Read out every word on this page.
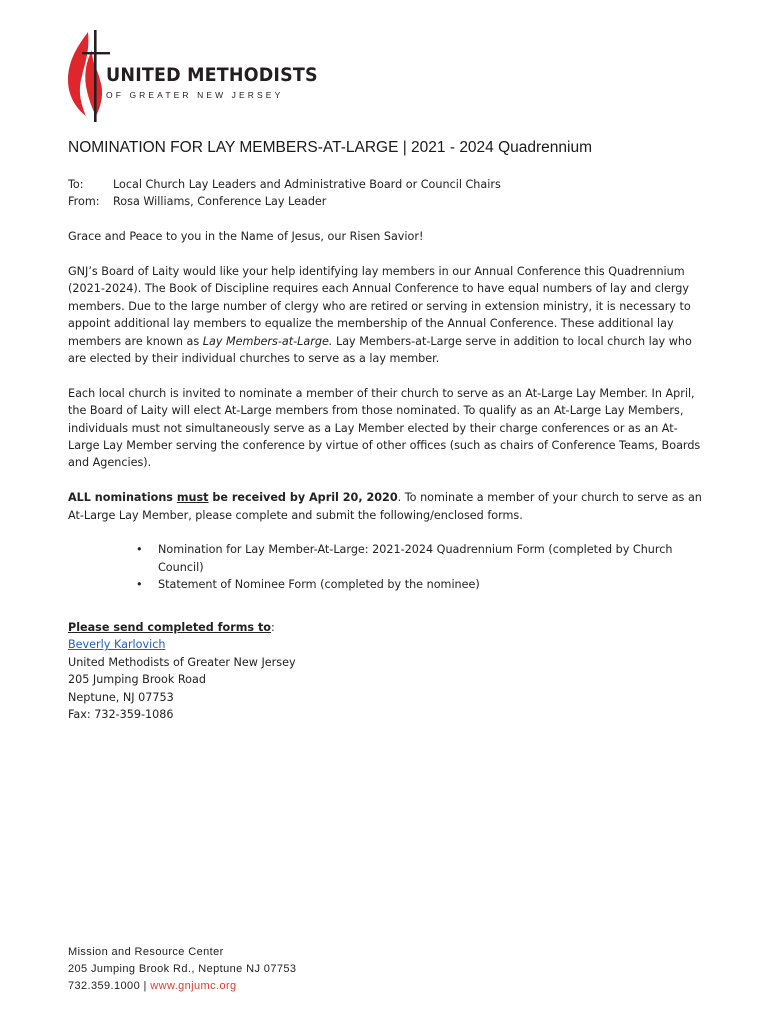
UNITED METHODISTS
OF GREATER NEW JERSEY
NOMINATION FOR LAY MEMBERS-AT-LARGE | 2021 - 2024 Quadrennium
To:	Local Church Lay Leaders and Administrative Board or Council Chairs
From:	Rosa Williams, Conference Lay Leader

Grace and Peace to you in the Name of Jesus, our Risen Savior!

GNJ’s Board of Laity would like your help identifying lay members in our Annual Conference this Quadrennium (2021-2024). The Book of Discipline requires each Annual Conference to have equal numbers of lay and clergy members. Due to the large number of clergy who are retired or serving in extension ministry, it is necessary to appoint additional lay members to equalize the membership of the Annual Conference. These additional lay members are known as Lay Members-at-Large. Lay Members-at-Large serve in addition to local church lay who are elected by their individual churches to serve as a lay member.

Each local church is invited to nominate a member of their church to serve as an At-Large Lay Member. In April, the Board of Laity will elect At-Large members from those nominated. To qualify as an At-Large Lay Members, individuals must not simultaneously serve as a Lay Member elected by their charge conferences or as an At-Large Lay Member serving the conference by virtue of other offices (such as chairs of Conference Teams, Boards and Agencies).

ALL nominations must be received by April 20, 2020. To nominate a member of your church to serve as an At-Large Lay Member, please complete and submit the following/enclosed forms.

• Nomination for Lay Member-At-Large: 2021-2024 Quadrennium Form (completed by Church Council)
• Statement of Nominee Form (completed by the nominee)
Please send completed forms to:
Beverly Karlovich
United Methodists of Greater New Jersey
205 Jumping Brook Road
Neptune, NJ 07753
Fax: 732-359-1086
Mission and Resource Center
205 Jumping Brook Rd., Neptune NJ 07753
732.359.1000 | www.gnjumc.org
